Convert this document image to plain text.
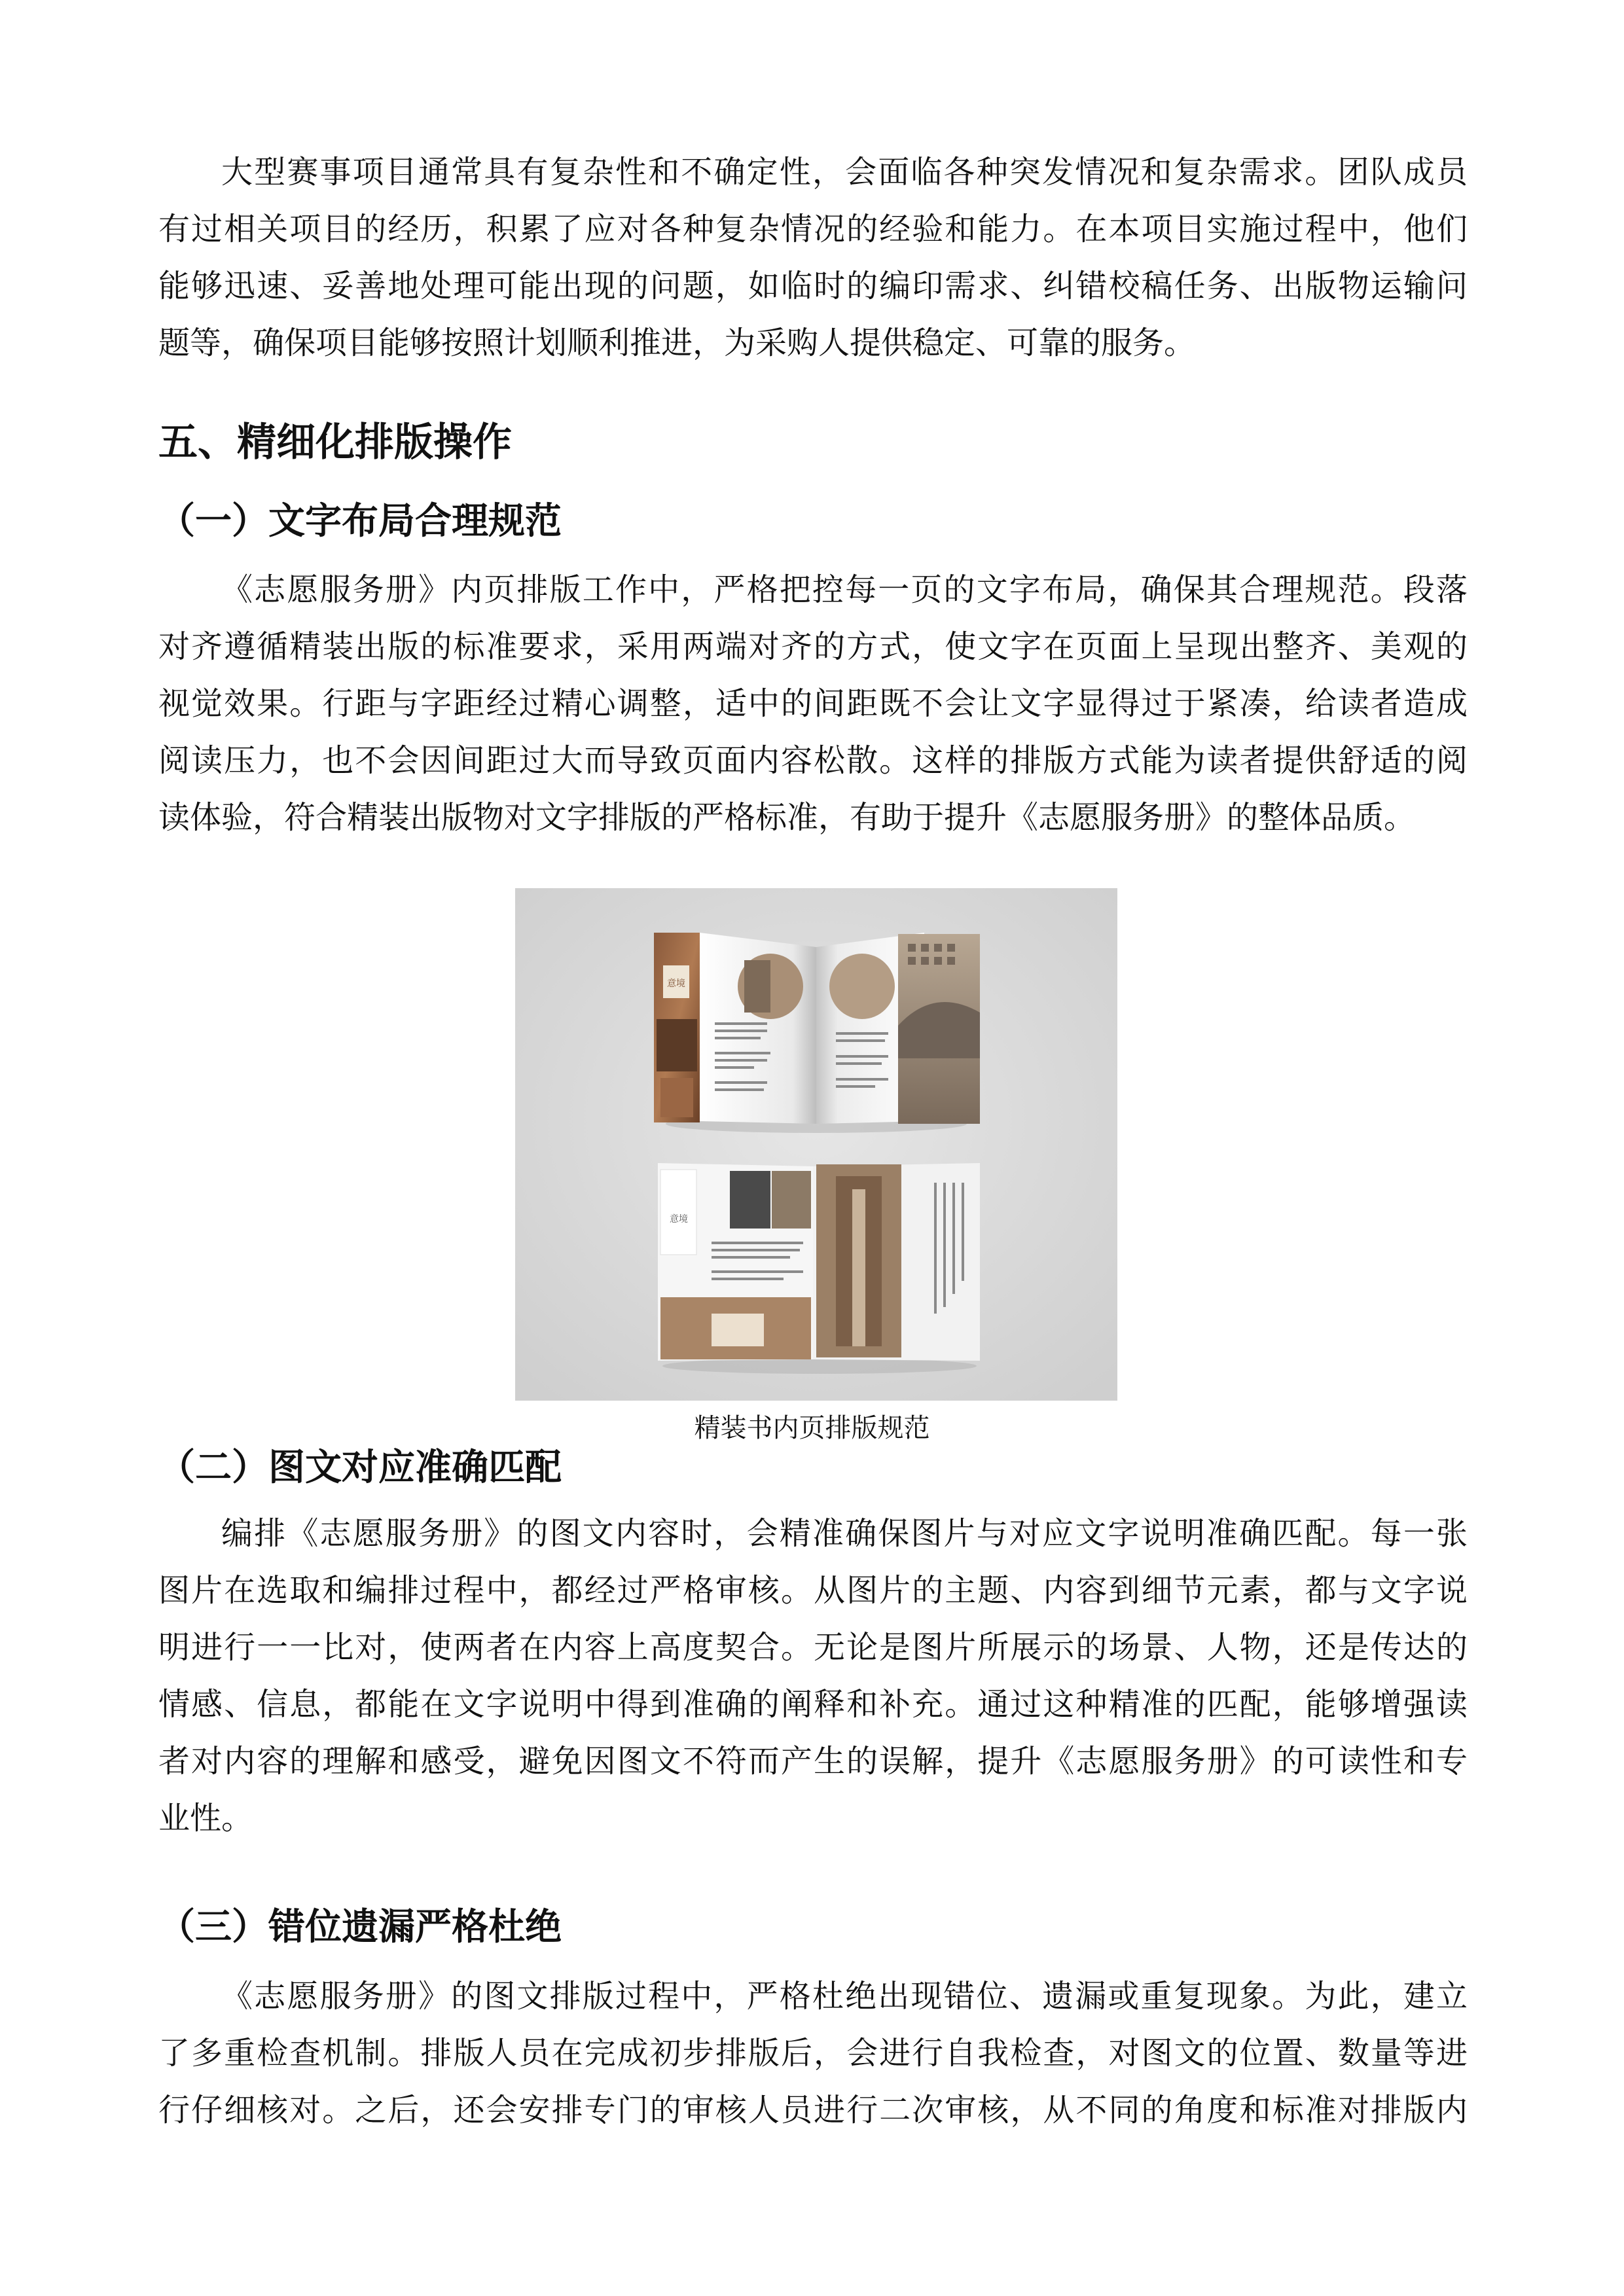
大型赛事项目通常具有复杂性和不确定性，会面临各种突发情况和复杂需求。团队成员
有过相关项目的经历，积累了应对各种复杂情况的经验和能力。在本项目实施过程中，他们
能够迅速、妥善地处理可能出现的问题，如临时的编印需求、纠错校稿任务、出版物运输问
题等，确保项目能够按照计划顺利推进，为采购人提供稳定、可靠的服务。
五、精细化排版操作
（一）文字布局合理规范
《志愿服务册》内页排版工作中，严格把控每一页的文字布局，确保其合理规范。段落
对齐遵循精装出版的标准要求，采用两端对齐的方式，使文字在页面上呈现出整齐、美观的
视觉效果。行距与字距经过精心调整，适中的间距既不会让文字显得过于紧凑，给读者造成
阅读压力，也不会因间距过大而导致页面内容松散。这样的排版方式能为读者提供舒适的阅
读体验，符合精装出版物对文字排版的严格标准，有助于提升《志愿服务册》的整体品质。
意境
意境

精装书内页排版规范

（二）图文对应准确匹配
编排《志愿服务册》的图文内容时，会精准确保图片与对应文字说明准确匹配。每一张
图片在选取和编排过程中，都经过严格审核。从图片的主题、内容到细节元素，都与文字说
明进行一一比对，使两者在内容上高度契合。无论是图片所展示的场景、人物，还是传达的
情感、信息，都能在文字说明中得到准确的阐释和补充。通过这种精准的匹配，能够增强读
者对内容的理解和感受，避免因图文不符而产生的误解，提升《志愿服务册》的可读性和专
业性。
（三）错位遗漏严格杜绝
《志愿服务册》的图文排版过程中，严格杜绝出现错位、遗漏或重复现象。为此，建立
了多重检查机制。排版人员在完成初步排版后，会进行自我检查，对图文的位置、数量等进
行仔细核对。之后，还会安排专门的审核人员进行二次审核，从不同的角度和标准对排版内
